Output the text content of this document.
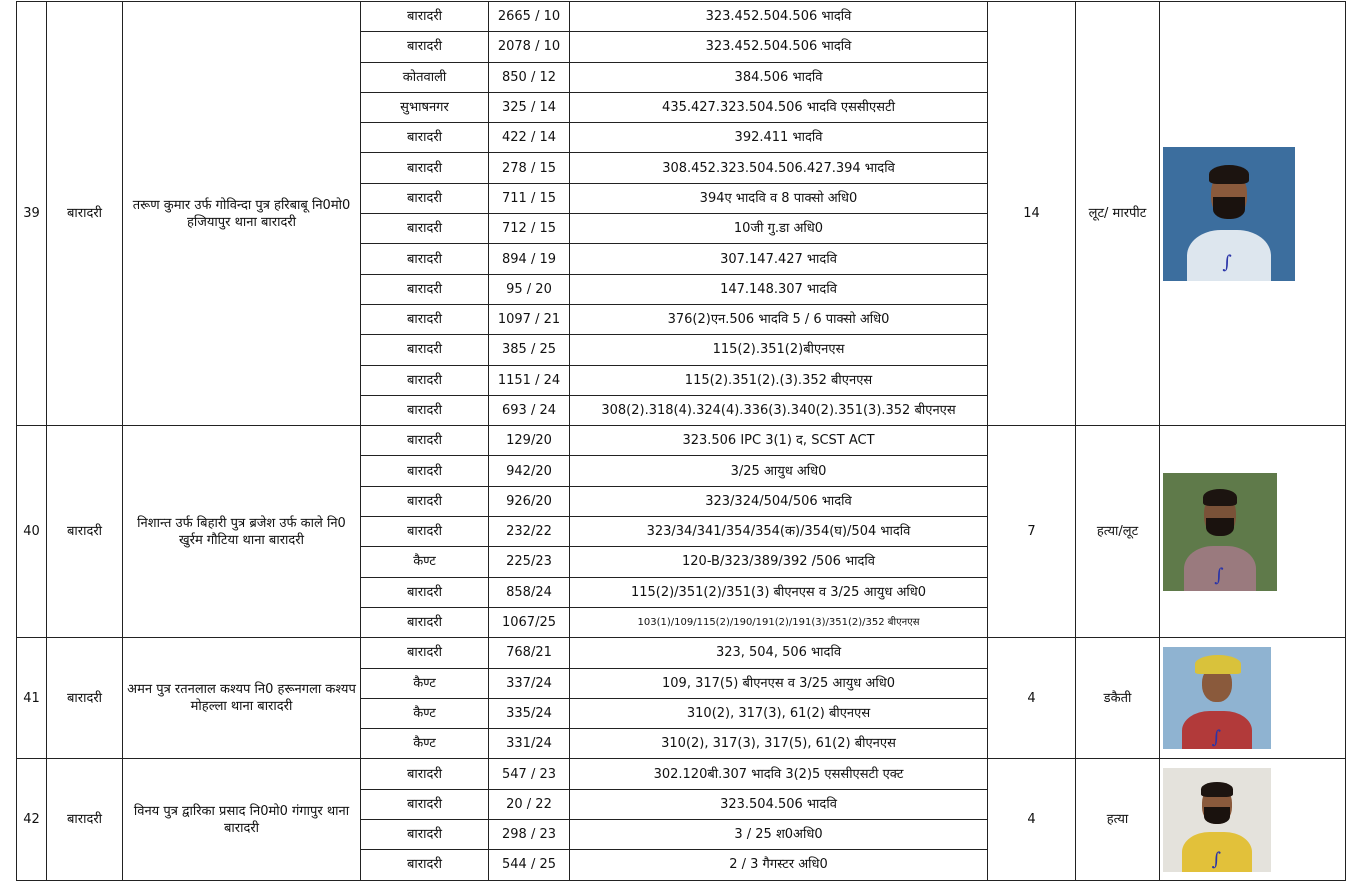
39	बारादरी	तरूण कुमार उर्फ गोविन्दा पुत्र हरिबाबू नि0मो0 हजियापुर थाना बारादरी	बारादरी	2665 / 10	323.452.504.506 भादवि	14	लूट/ मारपीट	∫

			बारादरी	2078 / 10	323.452.504.506 भादवि			
			कोतवाली	850 / 12	384.506 भादवि			
			सुभाषनगर	325 / 14	435.427.323.504.506 भादवि एससीएसटी			
			बारादरी	422 / 14	392.411 भादवि			
			बारादरी	278 / 15	308.452.323.504.506.427.394 भादवि			
			बारादरी	711 / 15	394ए भादवि व 8 पाक्सो अधि0			
			बारादरी	712 / 15	10जी गु.डा अधि0			
			बारादरी	894 / 19	307.147.427 भादवि			
			बारादरी	95 / 20	147.148.307 भादवि			
			बारादरी	1097 / 21	376(2)एन.506 भादवि 5 / 6 पाक्सो अधि0			
			बारादरी	385 / 25	115(2).351(2)बीएनएस			
			बारादरी	1151 / 24	115(2).351(2).(3).352 बीएनएस			
			बारादरी	693 / 24	308(2).318(4).324(4).336(3).340(2).351(3).352 बीएनएस			
40	बारादरी	निशान्त उर्फ बिहारी पुत्र ब्रजेश उर्फ काले नि0 खुर्रम गौटिया थाना बारादरी	बारादरी	129/20	323.506 IPC 3(1) द, SCST ACT	7	हत्या/लूट	∫

			बारादरी	942/20	3/25 आयुध अधि0			
			बारादरी	926/20	323/324/504/506 भादवि			
			बारादरी	232/22	323/34/341/354/354(क)/354(घ)/504 भादवि			
			कैण्ट	225/23	120-B/323/389/392 /506 भादवि			
			बारादरी	858/24	115(2)/351(2)/351(3) बीएनएस व 3/25 आयुध अधि0			
			बारादरी	1067/25	103(1)/109/115(2)/190/191(2)/191(3)/351(2)/352 बीएनएस			
41	बारादरी	अमन पुत्र रतनलाल कश्यप नि0 हरूनगला कश्यप मोहल्ला थाना बारादरी	बारादरी	768/21	323, 504, 506 भादवि	4	डकैती	∫

			कैण्ट	337/24	109, 317(5) बीएनएस व 3/25 आयुध अधि0			
			कैण्ट	335/24	310(2), 317(3), 61(2) बीएनएस			
			कैण्ट	331/24	310(2), 317(3), 317(5), 61(2) बीएनएस			
42	बारादरी	विनय पुत्र द्वारिका प्रसाद नि0मो0 गंगापुर थाना बारादरी	बारादरी	547 / 23	302.120बी.307 भादवि 3(2)5 एससीएसटी एक्ट	4	हत्या	∫

			बारादरी	20 / 22	323.504.506 भादवि			
			बारादरी	298 / 23	3 / 25 श0अधि0			
			बारादरी	544 / 25	2 / 3 गैगस्टर अधि0			
